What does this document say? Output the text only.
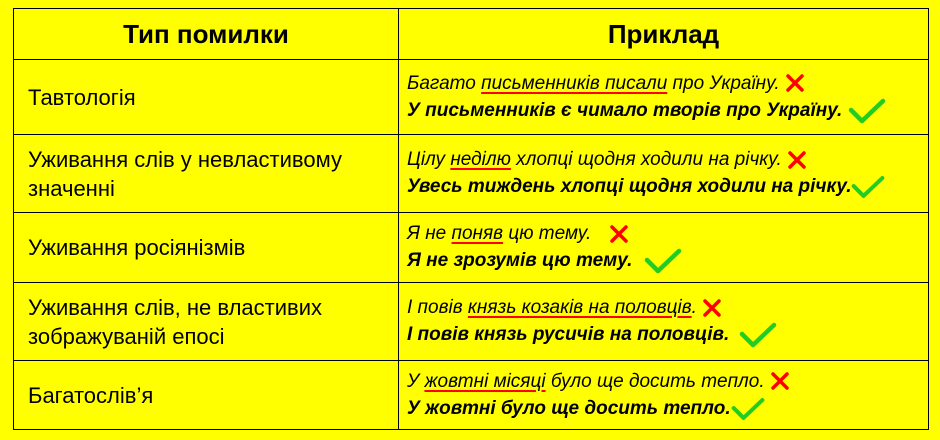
Тип помилки	Приклад
Тавтологія	Багато письменників писали про Україну.
У письменників є чимало творів про Україну.

Уживання слів у невластивому значенні	Цілу неділю хлопці щодня ходили на річку.
Увесь тиждень хлопці щодня ходили на річку.

Уживання росіянізмів	Я не поняв цю тему.
Я не зрозумів цю тему.

Уживання слів, не властивих зображуваній епосі	І повів князь козаків на половців.
І повів князь русичів на половців.

Багатослів’я	У жовтні місяці було ще досить тепло.
У жовтні було ще досить тепло.
